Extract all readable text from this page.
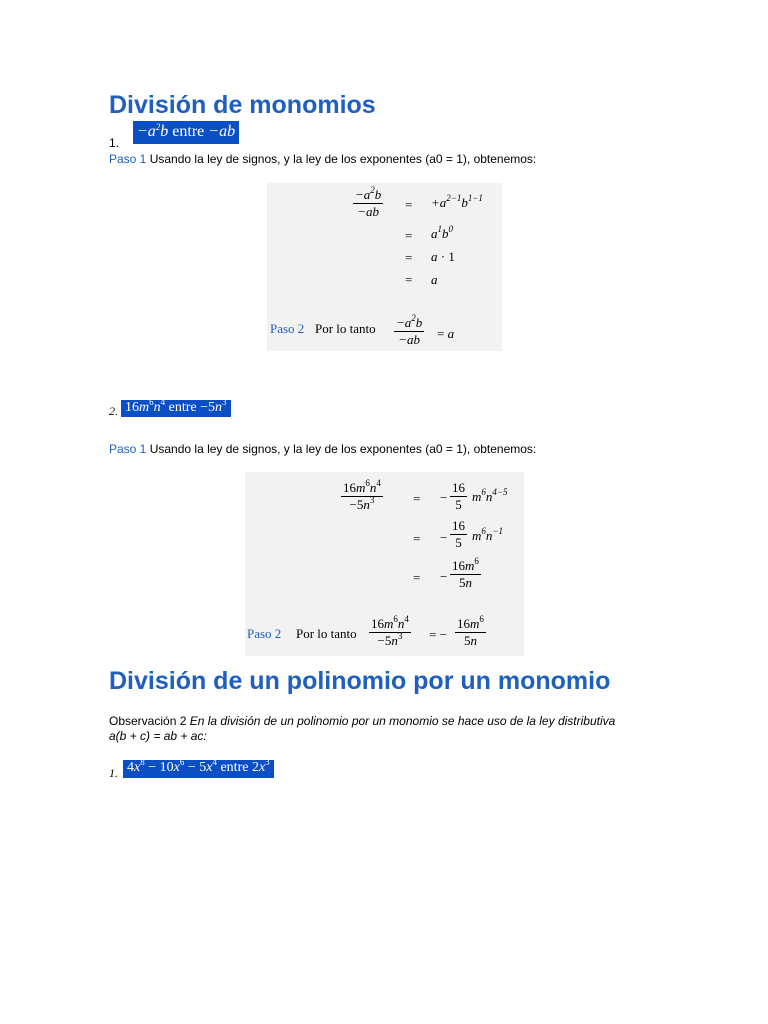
División de monomios
1.
$-a^2b$ entre −ab
Paso 1 Usando la ley de signos, y la ley de los exponentes (a0 = 1), obtenemos:
$-a^2b$
$-ab = +a^{2-1}b^{1-1}$
= $a^1b^0$
= a · 1
= a
Paso 2 Por lo tanto $-a^2b$
−ab = a
2. $16m^6n^4$ entre $-5n^3$
Paso 1 Usando la ley de signos, y la ley de los exponentes (a0 = 1), obtenemos:
$16m^6n^4$
$-5n^3$	= −
16
5
$m^6n^{4-5}$
= −
16
5 $m^6n^{-1}$
= −
$16m^6$
5n
Paso 2 Por lo tanto
$16m^6n^4$
$-5n^3$ = −
$16m^6$
5n
División de un polinomio por un monomio
Observación 2 En la división de un polinomio por un monomio se hace uso de la ley distributiva
a(b + c) = ab + ac:
1. $4x^8 - 10x^6 - 5x^4$ entre $2x^3$
